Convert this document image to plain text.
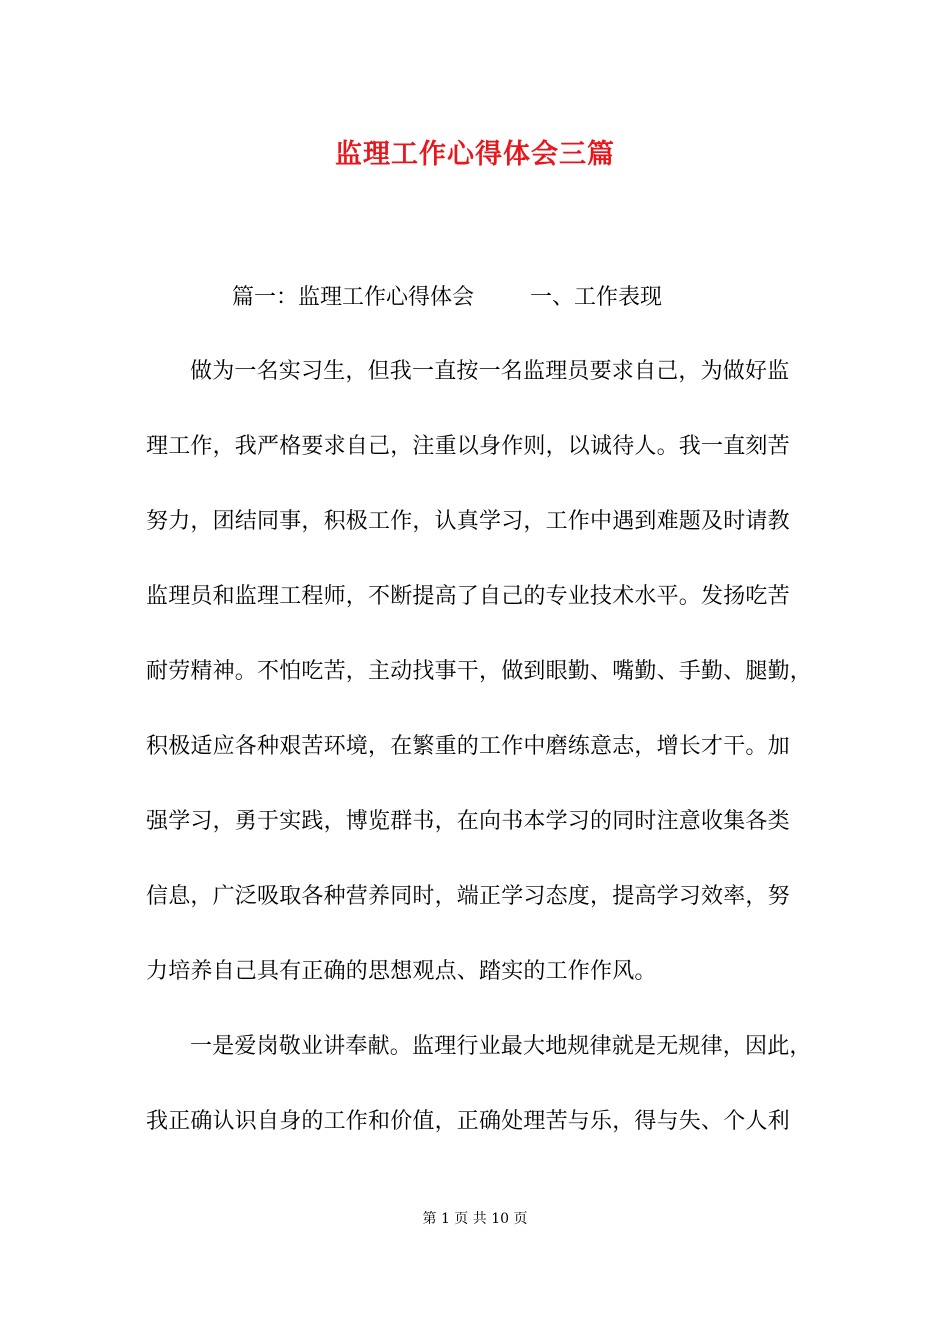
监理工作心得体会三篇
篇一：监理工作心得体会        一、工作表现
做为一名实习生，但我一直按一名监理员要求自己，为做好监
理工作，我严格要求自己，注重以身作则，以诚待人。我一直刻苦
努力，团结同事，积极工作，认真学习，工作中遇到难题及时请教
监理员和监理工程师，不断提高了自己的专业技术水平。发扬吃苦
耐劳精神。不怕吃苦，主动找事干，做到眼勤、嘴勤、手勤、腿勤，
积极适应各种艰苦环境，在繁重的工作中磨练意志，增长才干。加
强学习，勇于实践，博览群书，在向书本学习的同时注意收集各类
信息，广泛吸取各种营养同时，端正学习态度，提高学习效率，努
力培养自己具有正确的思想观点、踏实的工作作风。
一是爱岗敬业讲奉献。监理行业最大地规律就是无规律，因此，
我正确认识自身的工作和价值，正确处理苦与乐，得与失、个人利
第 1 页 共 10 页
